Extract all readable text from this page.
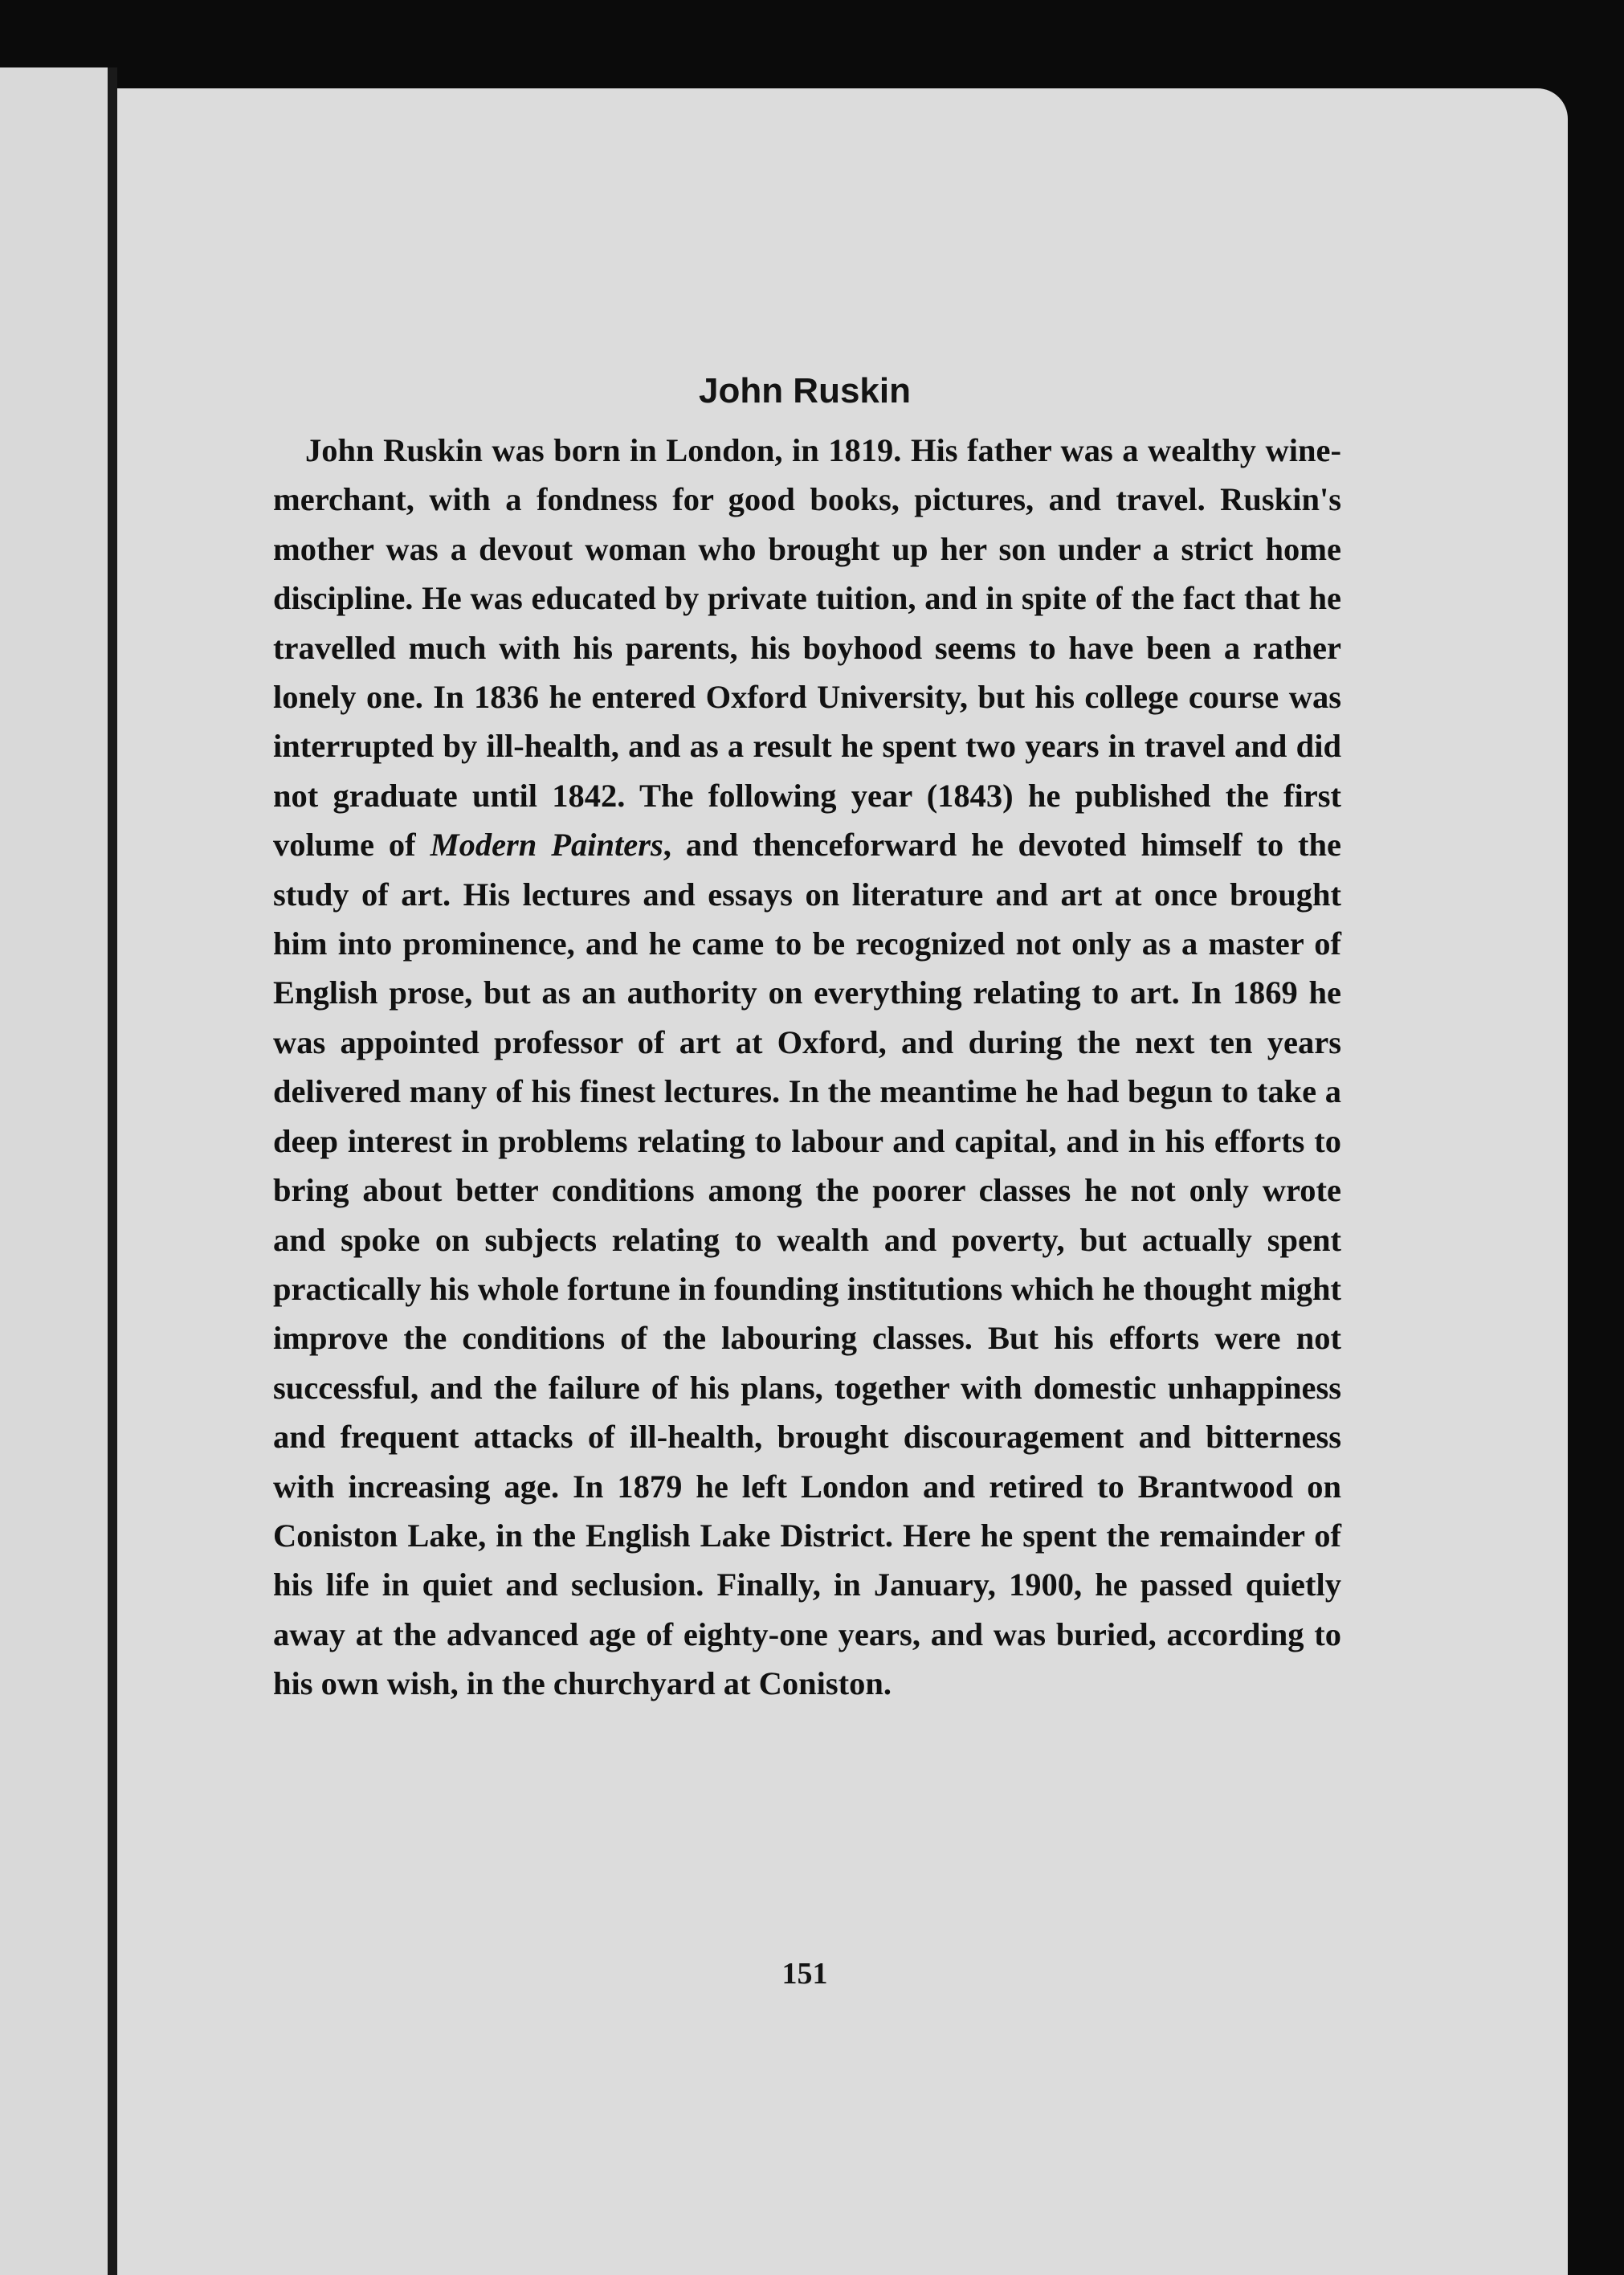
John Ruskin

John Ruskin was born in London, in 1819. His father was a wealthy wine-merchant, with a fondness for good books, pictures, and travel. Ruskin's mother was a devout woman who brought up her son under a strict home discipline. He was educated by private tuition, and in spite of the fact that he travelled much with his parents, his boyhood seems to have been a rather lonely one. In 1836 he entered Oxford University, but his college course was interrupted by ill-health, and as a result he spent two years in travel and did not graduate until 1842. The following year (1843) he published the first volume of Modern Painters, and thenceforward he devoted himself to the study of art. His lectures and essays on literature and art at once brought him into prominence, and he came to be recognized not only as a master of English prose, but as an authority on everything relating to art. In 1869 he was appointed professor of art at Oxford, and during the next ten years delivered many of his finest lectures. In the meantime he had begun to take a deep interest in problems relating to labour and capital, and in his efforts to bring about better conditions among the poorer classes he not only wrote and spoke on subjects relating to wealth and poverty, but actually spent practically his whole fortune in founding institutions which he thought might improve the conditions of the labouring classes. But his efforts were not successful, and the failure of his plans, together with domestic unhappiness and frequent attacks of ill-health, brought discouragement and bitterness with increasing age. In 1879 he left London and retired to Brantwood on Coniston Lake, in the English Lake District. Here he spent the remainder of his life in quiet and seclusion. Finally, in January, 1900, he passed quietly away at the advanced age of eighty-one years, and was buried, according to his own wish, in the churchyard at Coniston.

151
